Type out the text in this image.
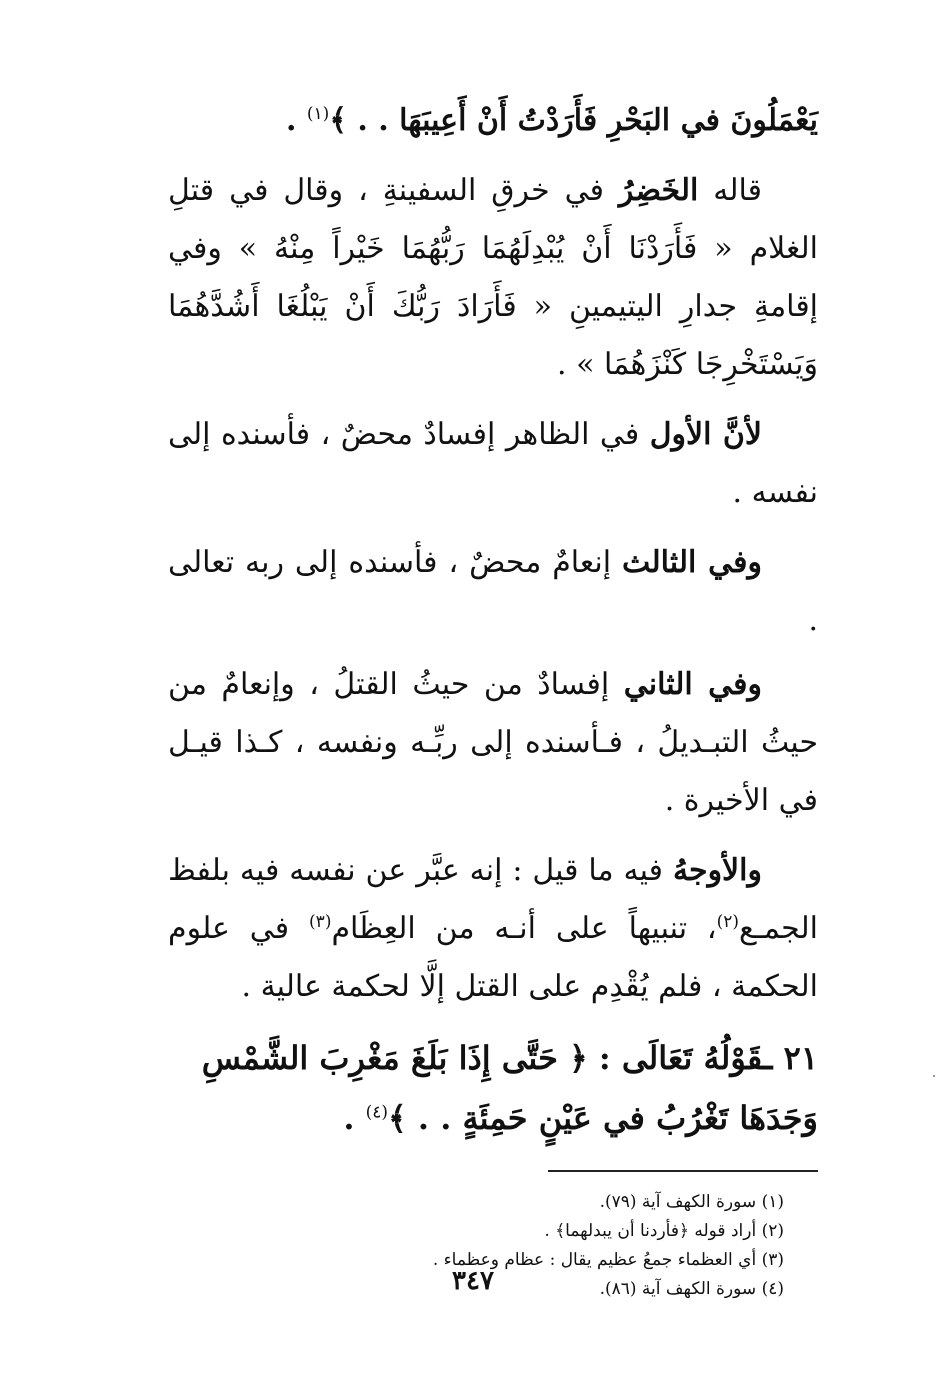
يَعْمَلُونَ في البَحْرِ فَأَرَدْتُ أَنْ أَعِيبَهَا . . ﴾$^{(١)}$ .

قاله الخَضِرُ في خرقِ السفينةِ ، وقال في قتلِ الغلام « فَأَرَدْنَا أَنْ يُبْدِلَهُمَا رَبُّهُمَا خَيْراً مِنْهُ » وفي إقامةِ جدارِ اليتيمينِ « فَأَرَادَ رَبُّكَ أَنْ يَبْلُغَا أَشُدَّهُمَا وَيَسْتَخْرِجَا كَنْزَهُمَا » .

لأنَّ الأول في الظاهر إفسادٌ محضٌ ، فأسنده إلى نفسه .

وفي الثالث إنعامٌ محضٌ ، فأسنده إلى ربه تعالى .

وفي الثاني إفسادٌ من حيثُ القتلُ ، وإنعامٌ من حيثُ التبـديلُ ، فـأسنده إلى ربِّـه ونفسه ، كـذا قيـل في الأخيرة .

والأوجهُ فيه ما قيل : إنه عبَّر عن نفسه فيه بلفظ الجمـع$^{(٢)}$، تنبيهاً على أنـه من العِظَام$^{(٣)}$ في علوم الحكمة ، فلم يُقْدِم على القتل إلَّا لحكمة عالية .

٢١ ـقَوْلُهُ تَعَالَى : ﴿ حَتَّى إِذَا بَلَغَ مَغْرِبَ الشَّمْسِ وَجَدَهَا تَغْرُبُ في عَيْنٍ حَمِئَةٍ . . ﴾$^{(٤)}$ .

(١) سورة الكهف آية (٧٩).
(٢) أراد قوله ﴿فأردنا أن يبدلهما﴾ .
(٣) أي العظماء جمعُ عظيم يقال : عظام وعظماء .
(٤) سورة الكهف آية (٨٦).
٣٤٧
